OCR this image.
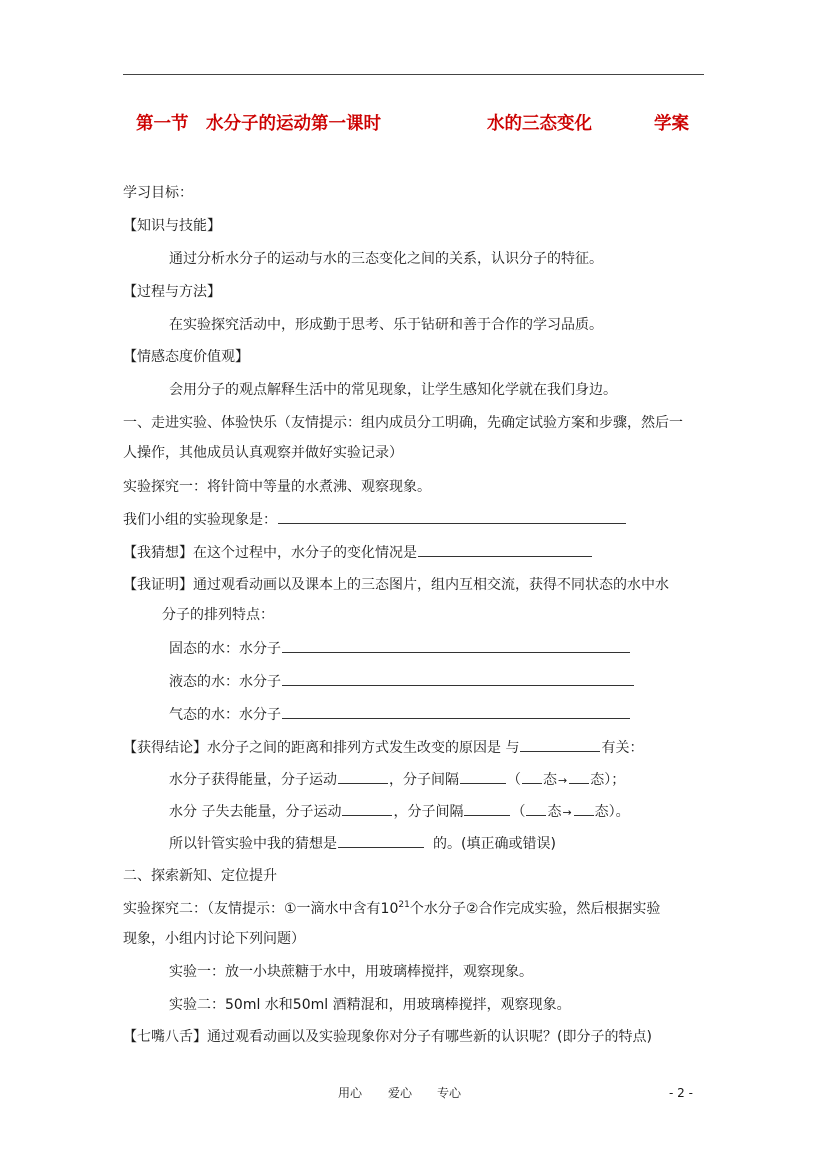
第一节　水分子的运动第一课时	水的三态变化	学案
学习目标：
【知识与技能】
通过分析水分子的运动与水的三态变化之间的关系，认识分子的特征。
【过程与方法】
在实验探究活动中，形成勤于思考、乐于钻研和善于合作的学习品质。
【情感态度价值观】
会用分子的观点解释生活中的常见现象，让学生感知化学就在我们身边。
一、走进实验、体验快乐（友情提示：组内成员分工明确，先确定试验方案和步骤，然后一
人操作，其他成员认真观察并做好实验记录）
实验探究一：将针筒中等量的水煮沸、观察现象。
我们小组的实验现象是：
【我猜想】在这个过程中，水分子的变化情况是
【我证明】通过观看动画以及课本上的三态图片，组内互相交流，获得不同状态的水中水
分子的排列特点：
固态的水：水分子
液态的水：水分子
气态的水：水分子
【获得结论】水分子之间的距离和排列方式发生改变的原因是 与	有关：
水分子获得能量，分子运动	，分子间隔	（ 态→ 态）；
水分 子失去能量，分子运动	，分子间隔	（ 态→ 态）。
所以针管实验中我的猜想是	的。(填正确或错误)
二、探索新知、定位提升
实验探究二：（友情提示：①一滴水中含有$10^{21}$个水分子②合作完成实验，然后根据实验
现象，小组内讨论下列问题）
实验一：放一小块蔗糖于水中，用玻璃棒搅拌，观察现象。
实验二：50ml 水和50ml 酒精混和，用玻璃棒搅拌，观察现象。
【七嘴八舌】通过观看动画以及实验现象你对分子有哪些新的认识呢？(即分子的特点)
用心 爱心 专心	- 2 -
